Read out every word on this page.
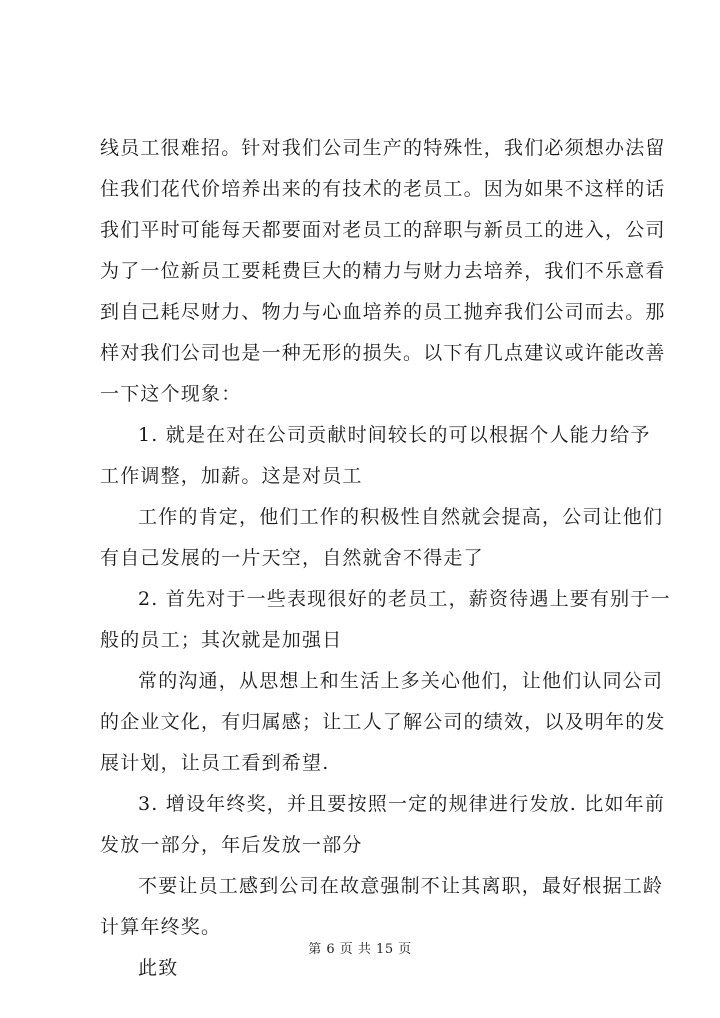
线员工很难招。针对我们公司生产的特殊性，我们必须想办法留
住我们花代价培养出来的有技术的老员工。因为如果不这样的话
我们平时可能每天都要面对老员工的辞职与新员工的进入，公司
为了一位新员工要耗费巨大的精力与财力去培养，我们不乐意看
到自己耗尽财力、物力与心血培养的员工抛弃我们公司而去。那
样对我们公司也是一种无形的损失。以下有几点建议或许能改善
一下这个现象：
1. 就是在对在公司贡献时间较长的可以根据个人能力给予
工作调整，加薪。这是对员工
工作的肯定，他们工作的积极性自然就会提高，公司让他们
有自己发展的一片天空，自然就舍不得走了
2. 首先对于一些表现很好的老员工，薪资待遇上要有别于一
般的员工；其次就是加强日
常的沟通，从思想上和生活上多关心他们，让他们认同公司
的企业文化，有归属感；让工人了解公司的绩效，以及明年的发
展计划，让员工看到希望.
3. 增设年终奖，并且要按照一定的规律进行发放. 比如年前
发放一部分，年后发放一部分
不要让员工感到公司在故意强制不让其离职，最好根据工龄
计算年终奖。
此致
第 6 页 共 15 页
